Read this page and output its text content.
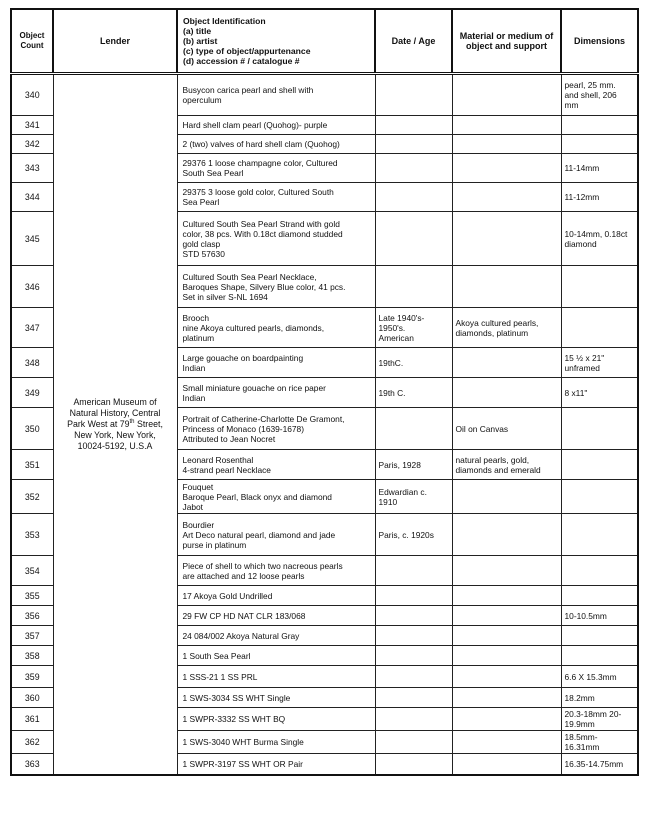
Object Count	Lender	Object Identification
(a) title
(b) artist
(c) type of object/appurtenance
(d) accession # / catalogue #	Date / Age	Material or medium of object and support	Dimensions
340	American Museum of Natural History, Central Park West at 79th Street, New York, New York, 10024-5192, U.S.A	Busycon carica pearl and shell with
operculum			pearl, 25 mm.
and shell, 206
mm
341		Hard shell clam pearl (Quohog)- purple			
342		2 (two) valves of hard shell clam (Quohog)			
343		29376 1 loose champagne color, Cultured
South Sea Pearl			11-14mm
344		29375 3 loose gold color, Cultured South
Sea Pearl			11-12mm
345		Cultured South Sea Pearl Strand with gold
color, 38 pcs. With 0.18ct diamond studded
gold clasp
STD 57630			10-14mm, 0.18ct
diamond
346		Cultured South Sea Pearl Necklace,
Baroques Shape, Silvery Blue color, 41 pcs.
Set in silver S-NL 1694			
347		Brooch
nine Akoya cultured pearls, diamonds,
platinum	Late 1940's-
1950's.
American	Akoya cultured pearls,
diamonds, platinum	
348		Large gouache on boardpainting
Indian	19thC.		15 ½ x 21"
unframed
349		Small miniature gouache on rice paper
Indian	19th C.		8 x11"
350		Portrait of Catherine-Charlotte De Gramont,
Princess of Monaco (1639-1678)
Attributed to Jean Nocret		Oil on Canvas	
351		Leonard Rosenthal
4-strand pearl Necklace	Paris, 1928	natural pearls, gold,
diamonds and emerald	
352		Fouquet
Baroque Pearl, Black onyx and diamond
Jabot	Edwardian c.
1910		
353		Bourdier
Art Deco natural pearl, diamond and jade
purse in platinum	Paris, c. 1920s		
354		Piece of shell to which two nacreous pearls
are attached and 12 loose pearls			
355		17 Akoya Gold Undrilled			
356		29 FW CP HD NAT CLR 183/068			10-10.5mm
357		24 084/002 Akoya Natural Gray			
358		1 South Sea Pearl			
359		1 SSS-21 1 SS PRL			6.6 X 15.3mm
360		1 SWS-3034 SS WHT Single			18.2mm
361		1 SWPR-3332 SS WHT BQ			20.3-18mm 20-
19.9mm
362		1 SWS-3040 WHT Burma Single			18.5mm-
16.31mm
363		1 SWPR-3197 SS WHT OR Pair			16.35-14.75mm
